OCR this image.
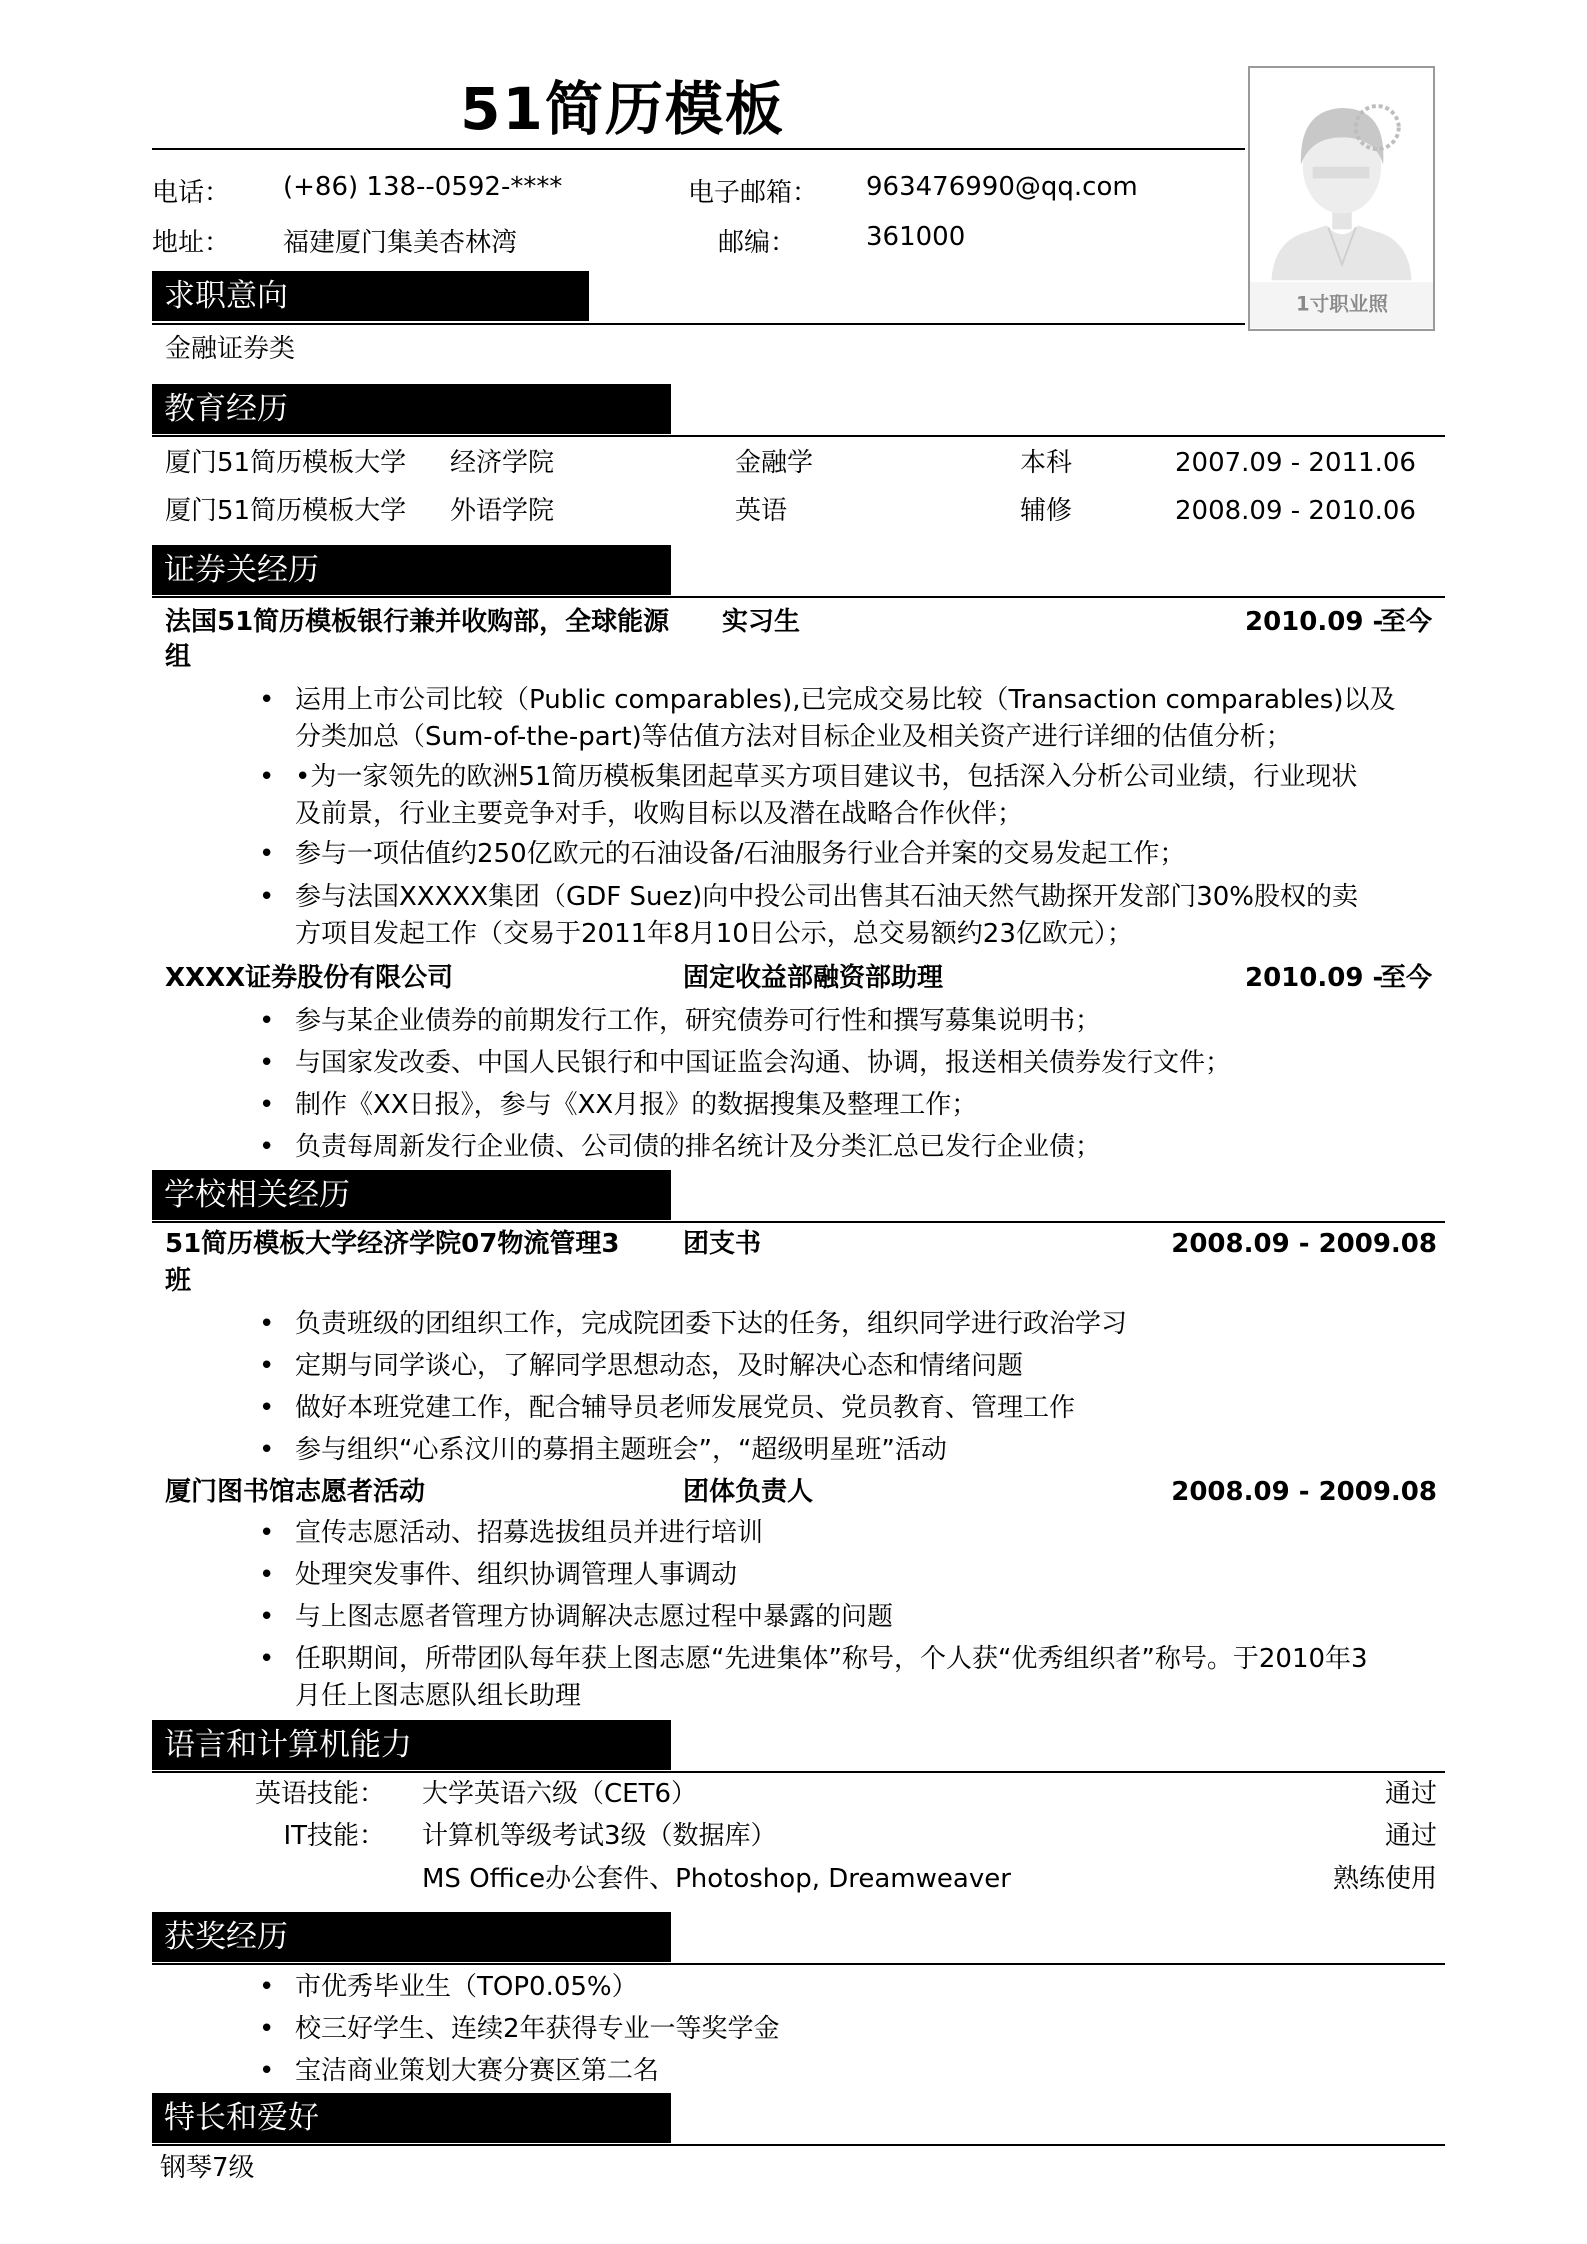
51简历模板
电话： (+86) 138--0592-****	电子邮箱： 963476990@qq.com
地址： 福建厦门集美杏林湾	邮编：	361000
1寸职业照
求职意向
金融证券类
教育经历
厦门51简历模板大学 经济学院	金融学	本科	2007.09 - 2011.06
厦门51简历模板大学 外语学院	英语	辅修	2008.09 - 2010.06
证券关经历
法国51简历模板银行兼并收购部，全球能源
组
实习生	2010.09 -
至今
• 运用上市公司比较（Public comparables),已完成交易比较（Transaction comparables)以及
分类加总（Sum-of-the-part)等估值方法对目标企业及相关资产进行详细的估值分析；
• •为一家领先的欧洲51简历模板集团起草买方项目建议书，包括深入分析公司业绩，行业现状
及前景，行业主要竞争对手，收购目标以及潜在战略合作伙伴；
• 参与一项估值约250亿欧元的石油设备/石油服务行业合并案的交易发起工作；
• 参与法国XXXXX集团（GDF Suez)向中投公司出售其石油天然气勘探开发部门30%股权的卖
方项目发起工作（交易于2011年8月10日公示，总交易额约23亿欧元）；
XXXX证券股份有限公司	固定收益部融资部助理	2010.09 -
至今
• 参与某企业债券的前期发行工作，研究债券可行性和撰写募集说明书；
• 与国家发改委、中国人民银行和中国证监会沟通、协调，报送相关债券发行文件；
• 制作《XX日报》，参与《XX月报》的数据搜集及整理工作；
• 负责每周新发行企业债、公司债的排名统计及分类汇总已发行企业债；
学校相关经历
51简历模板大学经济学院07物流管理3
班
团支书	2008.09 - 2009.08
• 负责班级的团组织工作，完成院团委下达的任务，组织同学进行政治学习
• 定期与同学谈心，了解同学思想动态，及时解决心态和情绪问题
• 做好本班党建工作，配合辅导员老师发展党员、党员教育、管理工作
• 参与组织“心系汶川的募捐主题班会”，“超级明星班”活动
厦门图书馆志愿者活动	团体负责人	2008.09 - 2009.08
• 宣传志愿活动、招募选拔组员并进行培训
• 处理突发事件、组织协调管理人事调动
• 与上图志愿者管理方协调解决志愿过程中暴露的问题
• 任职期间，所带团队每年获上图志愿“先进集体”称号，个人获“优秀组织者”称号。于2010年3
月任上图志愿队组长助理
语言和计算机能力
英语技能： 大学英语六级（CET6）	通过
IT技能： 计算机等级考试3级（数据库）	通过
MS Office办公套件、Photoshop, Dreamweaver	熟练使用
获奖经历
• 市优秀毕业生（TOP0.05%）
• 校三好学生、连续2年获得专业一等奖学金
• 宝洁商业策划大赛分赛区第二名
特长和爱好
钢琴7级
